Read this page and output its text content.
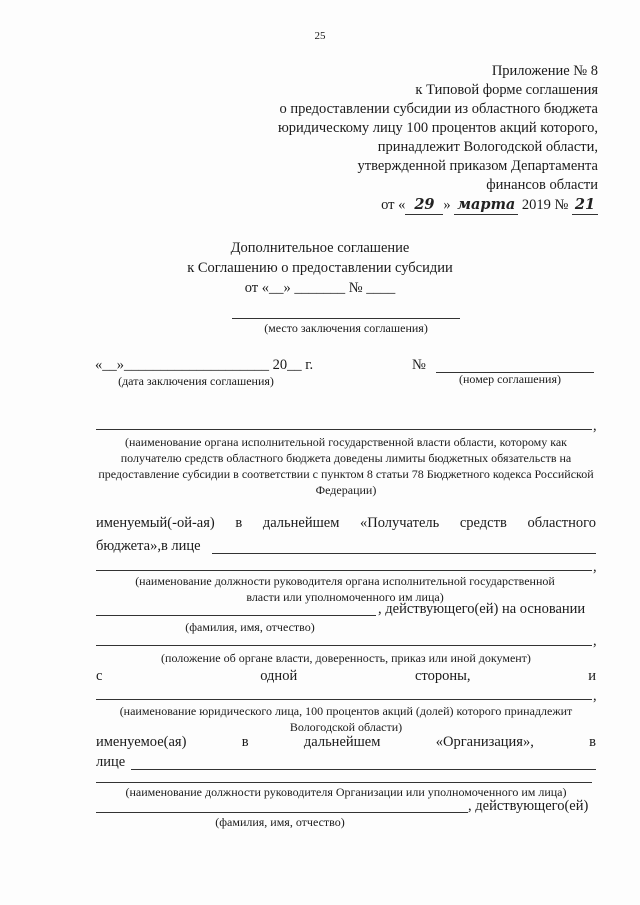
25
Приложение № 8
к Типовой форме соглашения
о предоставлении субсидии из областного бюджета
юридическому лицу 100 процентов акций которого,
принадлежит Вологодской области,
утвержденной приказом Департамента
финансов области
от « 29 » марта 2019 № 21
Дополнительное соглашение
к Соглашению о предоставлении субсидии
от «__» _______ № ____
(место заключения соглашения)
«__»____________________ 20__ г.	№
(дата заключения соглашения)	(номер соглашения)
,
(наименование органа исполнительной государственной власти области, которому как получателю средств областного бюджета доведены лимиты бюджетных обязательств на предоставление субсидии в соответствии с пунктом 8 статьи 78 Бюджетного кодекса Российской Федерации)
именуемый(-ой-ая) в дальнейшем «Получатель средств областного
бюджета»,в лице
,
(наименование должности руководителя органа исполнительной государственной власти или уполномоченного им лица)
, действующего(ей) на основании
(фамилия, имя, отчество)
,
(положение об органе власти, доверенность, приказ или иной документ)
с	одной	стороны,	и
,
(наименование юридического лица, 100 процентов акций (долей) которого принадлежит Вологодской области)
именуемое(ая)	в	дальнейшем	«Организация»,	в
лице
(наименование должности руководителя Организации или уполномоченного им лица)
, действующего(ей)
(фамилия, имя, отчество)
